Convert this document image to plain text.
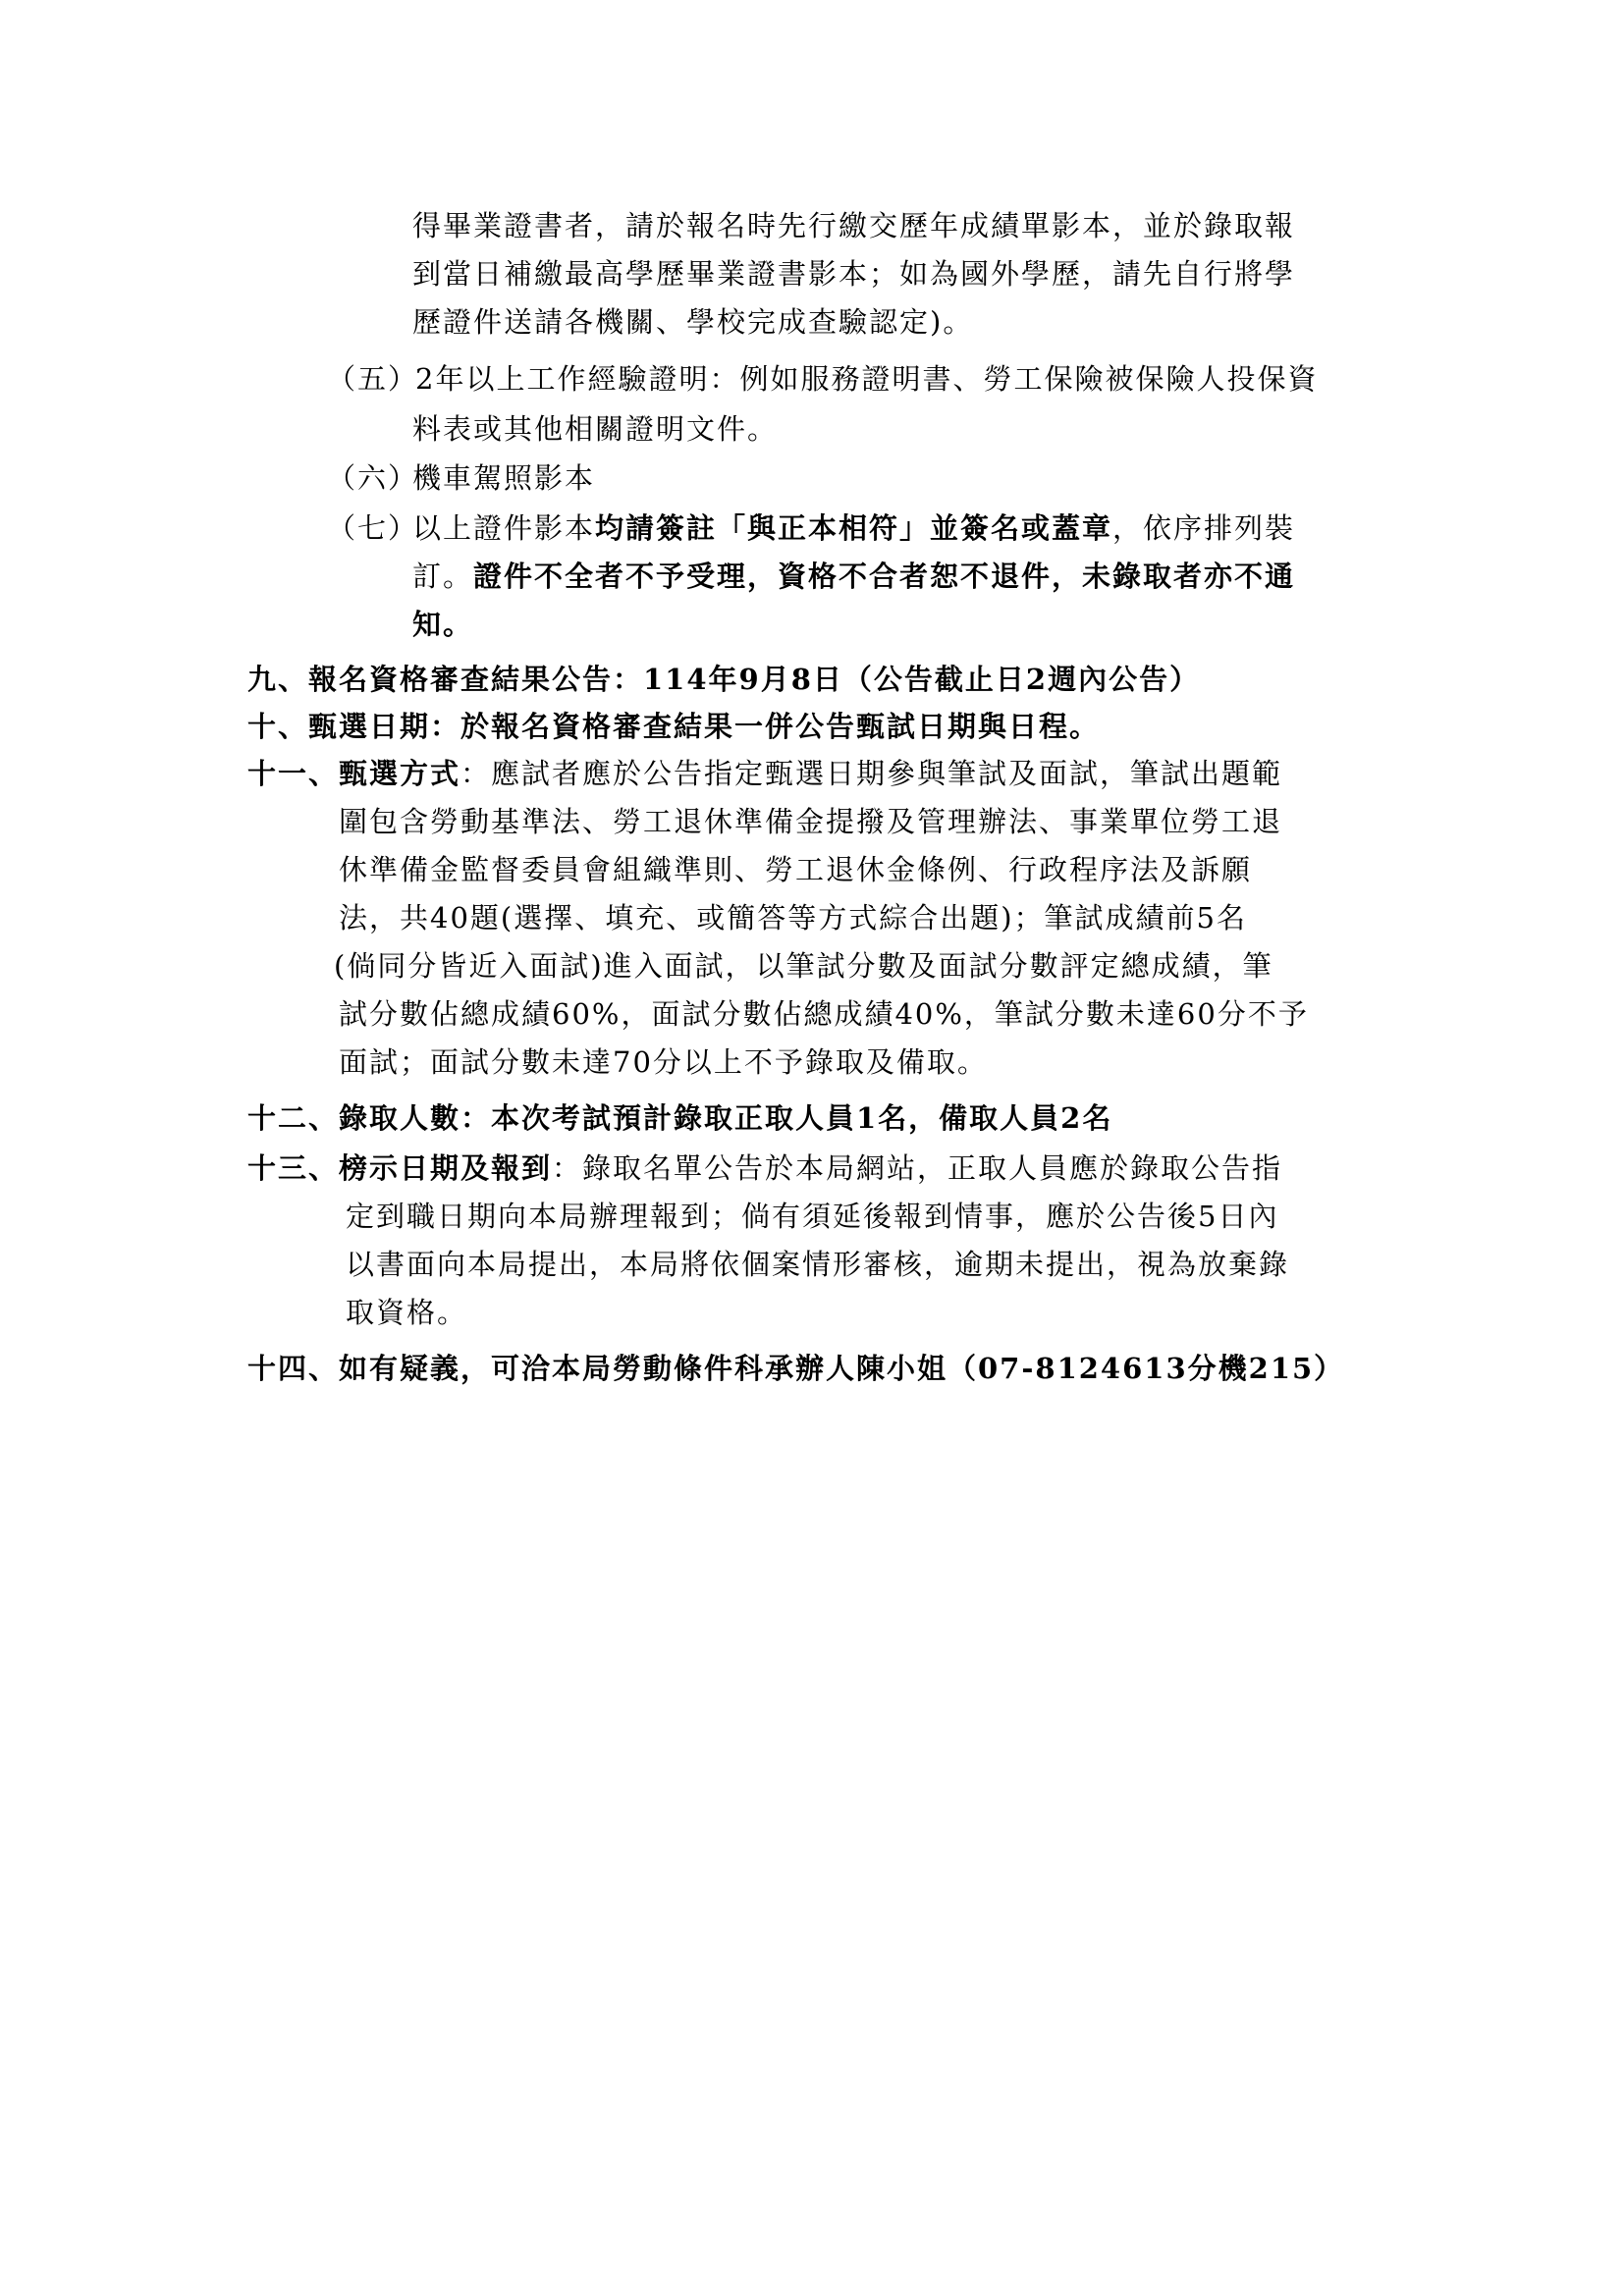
得畢業證書者，請於報名時先行繳交歷年成績單影本，並於錄取報
到當日補繳最高學歷畢業證書影本；如為國外學歷，請先自行將學
歷證件送請各機關、學校完成查驗認定)。
（五）
2年以上工作經驗證明：例如服務證明書、勞工保險被保險人投保資
料表或其他相關證明文件。
（六）
機車駕照影本
（七）
以上證件影本均請簽註「與正本相符」並簽名或蓋章，依序排列裝
訂。證件不全者不予受理，資格不合者恕不退件，未錄取者亦不通
知。
九、報名資格審查結果公告：114年9月8日（公告截止日2週內公告）
十、甄選日期：於報名資格審查結果一併公告甄試日期與日程。
十一、甄選方式：應試者應於公告指定甄選日期參與筆試及面試，筆試出題範
圍包含勞動基準法、勞工退休準備金提撥及管理辦法、事業單位勞工退
休準備金監督委員會組織準則、勞工退休金條例、行政程序法及訴願
法，共40題(選擇、填充、或簡答等方式綜合出題)；筆試成績前5名
(倘同分皆近入面試)進入面試，以筆試分數及面試分數評定總成績，筆
試分數佔總成績60%，面試分數佔總成績40%，筆試分數未達60分不予
面試；面試分數未達70分以上不予錄取及備取。
十二、錄取人數：本次考試預計錄取正取人員1名，備取人員2名
十三、榜示日期及報到：錄取名單公告於本局網站，正取人員應於錄取公告指
定到職日期向本局辦理報到；倘有須延後報到情事，應於公告後5日內
以書面向本局提出，本局將依個案情形審核，逾期未提出，視為放棄錄
取資格。
十四、如有疑義，可洽本局勞動條件科承辦人陳小姐（07-8124613分機215）
